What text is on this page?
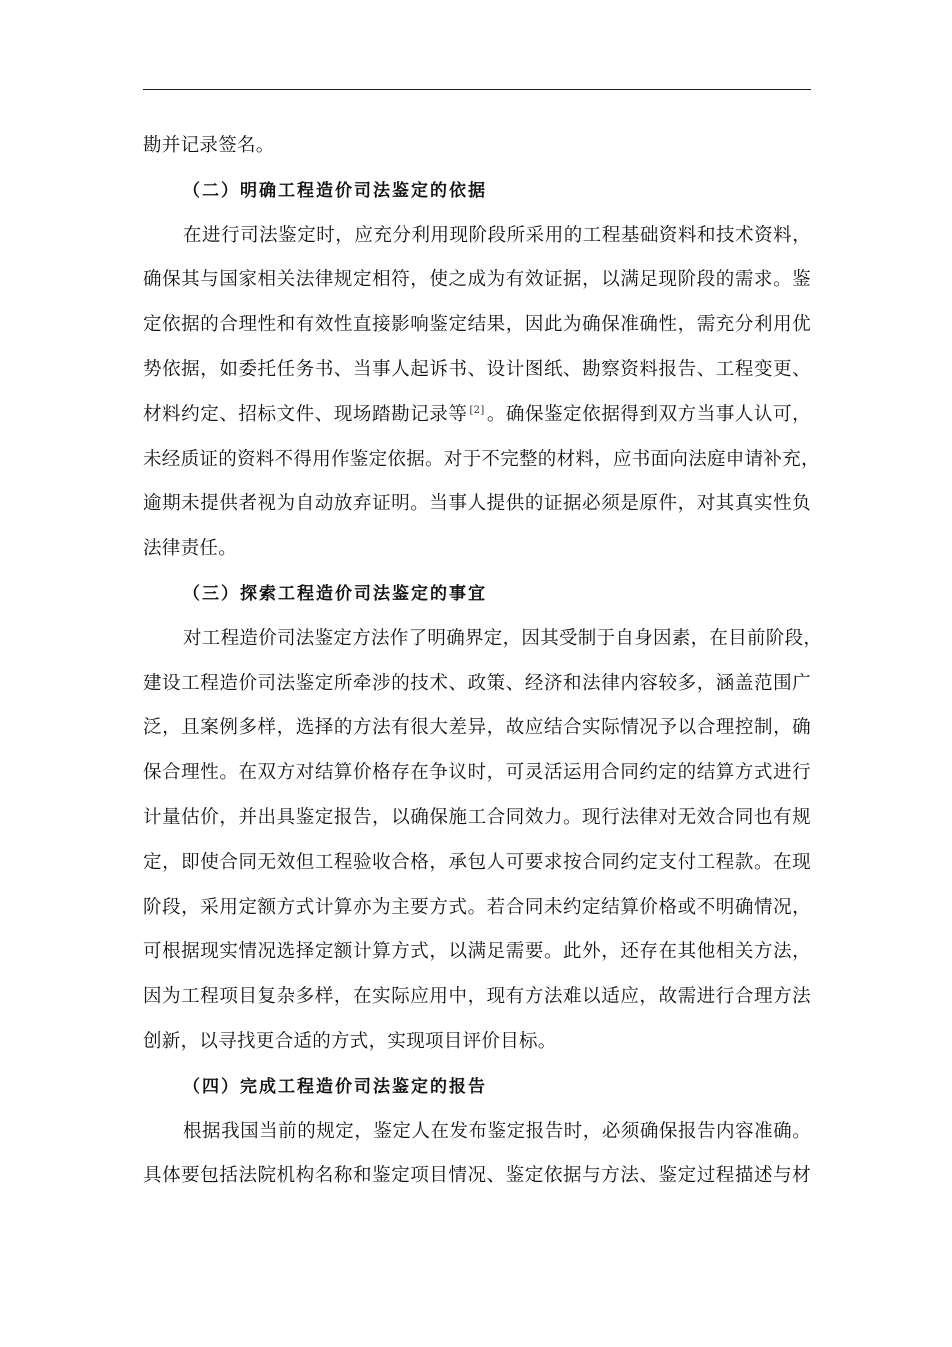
勘并记录签名。
（二）明确工程造价司法鉴定的依据
在进行司法鉴定时，应充分利用现阶段所采用的工程基础资料和技术资料，
确保其与国家相关法律规定相符，使之成为有效证据，以满足现阶段的需求。鉴
定依据的合理性和有效性直接影响鉴定结果，因此为确保准确性，需充分利用优
势依据，如委托任务书、当事人起诉书、设计图纸、勘察资料报告、工程变更、
材料约定、招标文件、现场踏勘记录等 [2] 。确保鉴定依据得到双方当事人认可，
未经质证的资料不得用作鉴定依据。对于不完整的材料，应书面向法庭申请补充，
逾期未提供者视为自动放弃证明。当事人提供的证据必须是原件，对其真实性负
法律责任。
（三）探索工程造价司法鉴定的事宜
对工程造价司法鉴定方法作了明确界定，因其受制于自身因素，在目前阶段，
建设工程造价司法鉴定所牵涉的技术、政策、经济和法律内容较多，涵盖范围广
泛，且案例多样，选择的方法有很大差异，故应结合实际情况予以合理控制，确
保合理性。在双方对结算价格存在争议时，可灵活运用合同约定的结算方式进行
计量估价，并出具鉴定报告，以确保施工合同效力。现行法律对无效合同也有规
定，即使合同无效但工程验收合格，承包人可要求按合同约定支付工程款。在现
阶段，采用定额方式计算亦为主要方式。若合同未约定结算价格或不明确情况，
可根据现实情况选择定额计算方式，以满足需要。此外，还存在其他相关方法，
因为工程项目复杂多样，在实际应用中，现有方法难以适应，故需进行合理方法
创新，以寻找更合适的方式，实现项目评价目标。
（四）完成工程造价司法鉴定的报告
根据我国当前的规定，鉴定人在发布鉴定报告时，必须确保报告内容准确。
具体要包括法院机构名称和鉴定项目情况、鉴定依据与方法、鉴定过程描述与材
